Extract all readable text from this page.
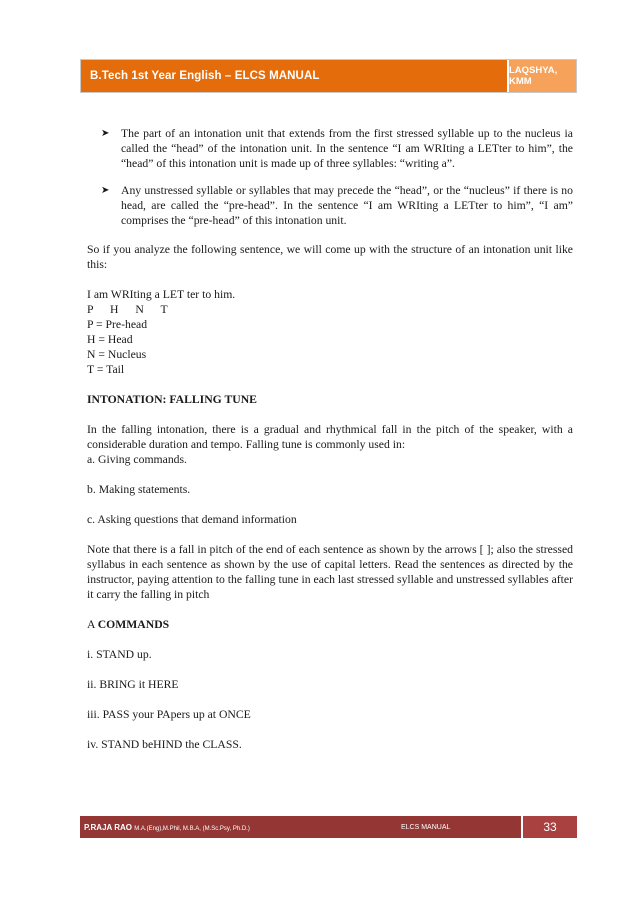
B.Tech 1st Year English – ELCS MANUAL	LAQSHYA, KMM
➤ The part of an intonation unit that extends from the first stressed syllable up to the nucleus ia called the “head” of the intonation unit. In the sentence “I am WRIting a LETter to him”, the “head” of this intonation unit is made up of three syllables: “writing a”.
➤ Any unstressed syllable or syllables that may precede the “head”, or the “nucleus” if there is no head, are called the “pre-head”. In the sentence “I am WRIting a LETter to him”, “I am” comprises the “pre-head” of this intonation unit.

So if you analyze the following sentence, we will come up with the structure of an intonation unit like this:

I am WRIting a LET ter to him.

P H N T

P = Pre-head

H = Head

N = Nucleus

T = Tail

INTONATION: FALLING TUNE

In the falling intonation, there is a gradual and rhythmical fall in the pitch of the speaker, with a considerable duration and tempo. Falling tune is commonly used in:

a. Giving commands.

b. Making statements.

c. Asking questions that demand information

Note that there is a fall in pitch of the end of each sentence as shown by the arrows [ ]; also the stressed syllabus in each sentence as shown by the use of capital letters. Read the sentences as directed by the instructor, paying attention to the falling tune in each last stressed syllable and unstressed syllables after it carry the falling in pitch

A COMMANDS

i. STAND up.

ii. BRING it HERE

iii. PASS your PApers up at ONCE

iv. STAND beHIND the CLASS.

P.RAJA RAO M.A.(Eng),M.Phil, M.B.A, (M.Sc.Psy, Ph.D.)	ELCS MANUAL	33
